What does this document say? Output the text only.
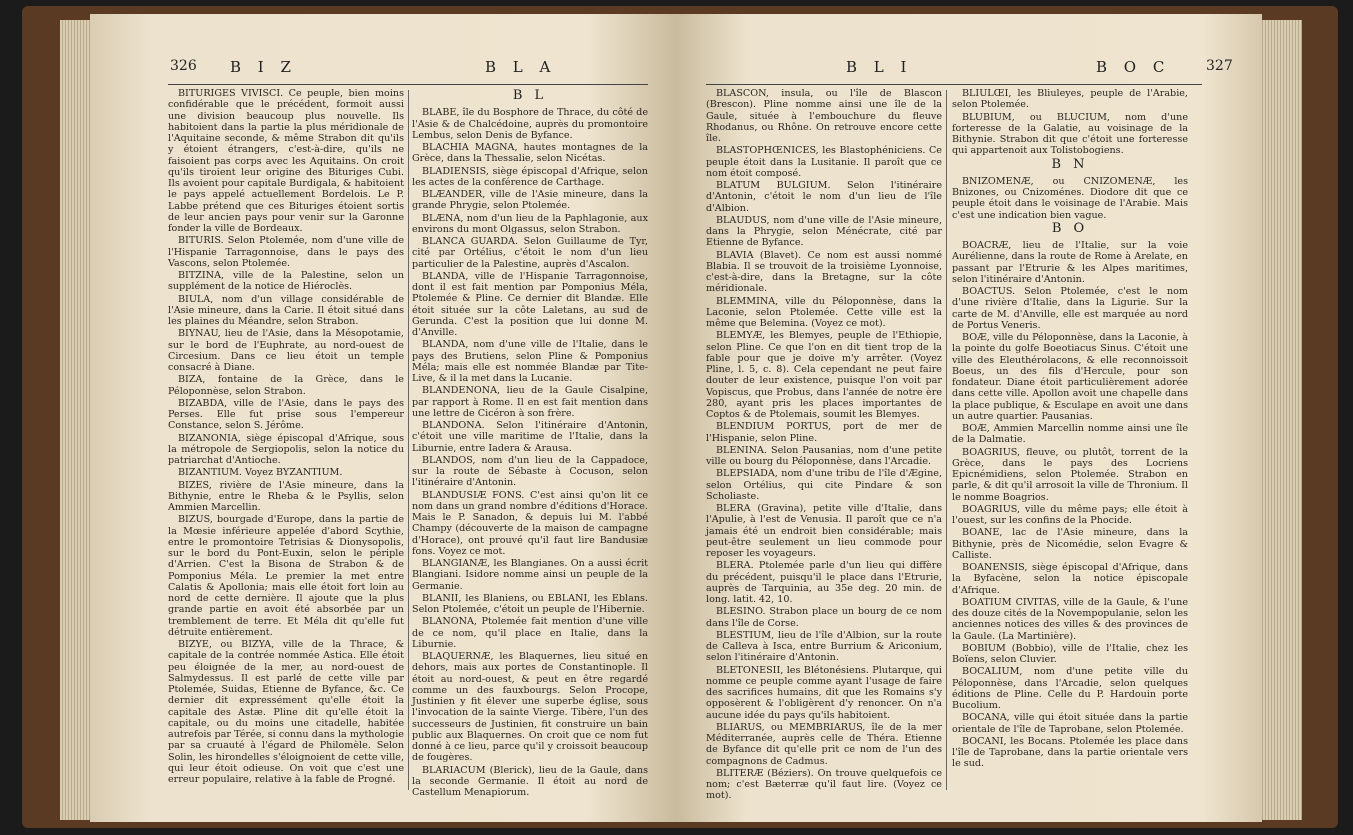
326 B I Z	B L A

BITURIGES VIVISCI. Ce peuple, bien moins confidérable que le précédent, formoit aussi une division beaucoup plus nouvelle. Ils habitoient dans la partie la plus méridionale de l'Aquitaine seconde, & même Strabon dit qu'ils y étoient étrangers, c'est-à-dire, qu'ils ne faisoient pas corps avec les Aquitains. On croit qu'ils tiroient leur origine des Bituriges Cubi. Ils avoient pour capitale Burdigala, & habitoient le pays appelé actuellement Bordelois. Le P. Labbe prétend que ces Bituriges étoient sortis de leur ancien pays pour venir sur la Garonne fonder la ville de Bordeaux.

BITURIS. Selon Ptolemée, nom d'une ville de l'Hispanie Tarragonnoise, dans le pays des Vascons, selon Ptolemée.

BITZINA, ville de la Palestine, selon un supplément de la notice de Hiéroclès.

BIULA, nom d'un village considérable de l'Asie mineure, dans la Carie. Il étoit situé dans les plaines du Méandre, selon Strabon.

BIYNAU, lieu de l'Asie, dans la Mésopotamie, sur le bord de l'Euphrate, au nord-ouest de Circesium. Dans ce lieu étoit un temple consacré à Diane.

BIZA, fontaine de la Grèce, dans le Péloponnèse, selon Strabon.

BIZABDA, ville de l'Asie, dans le pays des Perses. Elle fut prise sous l'empereur Constance, selon S. Jérôme.

BIZANONIA, siège épiscopal d'Afrique, sous la métropole de Sergiopolis, selon la notice du patriarchat d'Antioche.

BIZANTIUM. Voyez BYZANTIUM.

BIZES, rivière de l'Asie mineure, dans la Bithynie, entre le Rheba & le Psyllis, selon Ammien Marcellin.

BIZUS, bourgade d'Europe, dans la partie de la Mœsie inférieure appelée d'abord Scythie, entre le promontoire Tetrisias & Dionysopolis, sur le bord du Pont-Euxin, selon le périple d'Arrien. C'est la Bisona de Strabon & de Pomponius Méla. Le premier la met entre Calatis & Apollonia; mais elle étoit fort loin au nord de cette dernière. Il ajoute que la plus grande partie en avoit été absorbée par un tremblement de terre. Et Méla dit qu'elle fut détruite entièrement.

BIZYE, ou BIZYA, ville de la Thrace, & capitale de la contrée nommée Astica. Elle étoit peu éloignée de la mer, au nord-ouest de Salmydessus. Il est parlé de cette ville par Ptolemée, Suidas, Etienne de Byfance, &c. Ce dernier dit expressément qu'elle étoit la capitale des Astæ. Pline dit qu'elle étoit la capitale, ou du moins une citadelle, habitée autrefois par Térée, si connu dans la mythologie par sa cruauté à l'égard de Philomèle. Selon Solin, les hirondelles s'éloignoient de cette ville, qui leur étoit odieuse. On voit que c'est une erreur populaire, relative à la fable de Progné.

B L

BLABE, île du Bosphore de Thrace, du côté de l'Asie & de Chalcédoine, auprès du promontoire Lembus, selon Denis de Byfance.

BLACHIA MAGNA, hautes montagnes de la Grèce, dans la Thessalie, selon Nicétas.

BLADIENSIS, siège épiscopal d'Afrique, selon les actes de la conférence de Carthage.

BLÆANDER, ville de l'Asie mineure, dans la grande Phrygie, selon Ptolemée.

BLÆNA, nom d'un lieu de la Paphlagonie, aux environs du mont Olgassus, selon Strabon.

BLANCA GUARDA. Selon Guillaume de Tyr, cité par Ortélius, c'étoit le nom d'un lieu particulier de la Palestine, auprès d'Ascalon.

BLANDA, ville de l'Hispanie Tarragonnoise, dont il est fait mention par Pomponius Méla, Ptolemée & Pline. Ce dernier dit Blandæ. Elle étoit située sur la côte Laletans, au sud de Gerunda. C'est la position que lui donne M. d'Anville.

BLANDA, nom d'une ville de l'Italie, dans le pays des Brutiens, selon Pline & Pomponius Méla; mais elle est nommée Blandæ par Tite-Live, & il la met dans la Lucanie.

BLANDENONA, lieu de la Gaule Cisalpine, par rapport à Rome. Il en est fait mention dans une lettre de Cicéron à son frère.

BLANDONA. Selon l'itinéraire d'Antonin, c'étoit une ville maritime de l'Italie, dans la Liburnie, entre Iadera & Arausa.

BLANDOS, nom d'un lieu de la Cappadoce, sur la route de Sébaste à Cocuson, selon l'itinéraire d'Antonin.

BLANDUSIÆ FONS. C'est ainsi qu'on lit ce nom dans un grand nombre d'éditions d'Horace. Mais le P. Sanadon, & depuis lui M. l'abbé Champy (découverte de la maison de campagne d'Horace), ont prouvé qu'il faut lire Bandusiæ fons. Voyez ce mot.

BLANGIANÆ, les Blangianes. On a aussi écrit Blangiani. Isidore nomme ainsi un peuple de la Germanie.

BLANII, les Blaniens, ou EBLANI, les Eblans. Selon Ptolemée, c'étoit un peuple de l'Hibernie.

BLANONA, Ptolemée fait mention d'une ville de ce nom, qu'il place en Italie, dans la Liburnie.

BLAQUERNÆ, les Blaquernes, lieu situé en dehors, mais aux portes de Constantinople. Il étoit au nord-ouest, & peut en être regardé comme un des fauxbourgs. Selon Procope, Justinien y fit élever une superbe église, sous l'invocation de la sainte Vierge. Tibère, l'un des successeurs de Justinien, fit construire un bain public aux Blaquernes. On croit que ce nom fut donné à ce lieu, parce qu'il y croissoit beaucoup de fougères.

BLARIACUM (Blerick), lieu de la Gaule, dans la seconde Germanie. Il étoit au nord de Castellum Menapiorum.

B L I	B O C	327

BLASCON, insula, ou l'île de Blascon (Brescon). Pline nomme ainsi une île de la Gaule, située à l'embouchure du fleuve Rhodanus, ou Rhône. On retrouve encore cette île.

BLASTOPHŒNICES, les Blastophéniciens. Ce peuple étoit dans la Lusitanie. Il paroît que ce nom étoit composé.

BLATUM BULGIUM. Selon l'itinéraire d'Antonin, c'étoit le nom d'un lieu de l'île d'Albion.

BLAUDUS, nom d'une ville de l'Asie mineure, dans la Phrygie, selon Ménécrate, cité par Etienne de Byfance.

BLAVIA (Blavet). Ce nom est aussi nommé Blabia. Il se trouvoit de la troisième Lyonnoise, c'est-à-dire, dans la Bretagne, sur la côte méridionale.

BLEMMINA, ville du Péloponnèse, dans la Laconie, selon Ptolemée. Cette ville est la même que Belemina. (Voyez ce mot).

BLEMYÆ, les Blemyes, peuple de l'Ethiopie, selon Pline. Ce que l'on en dit tient trop de la fable pour que je doive m'y arrêter. (Voyez Pline, l. 5, c. 8). Cela cependant ne peut faire douter de leur existence, puisque l'on voit par Vopiscus, que Probus, dans l'année de notre ère 280, ayant pris les places importantes de Coptos & de Ptolemais, soumit les Blemyes.

BLENDIUM PORTUS, port de mer de l'Hispanie, selon Pline.

BLENINA. Selon Pausanias, nom d'une petite ville ou bourg du Péloponnèse, dans l'Arcadie.

BLEPSIADA, nom d'une tribu de l'île d'Ægine, selon Ortélius, qui cite Pindare & son Scholiaste.

BLERA (Gravina), petite ville d'Italie, dans l'Apulie, à l'est de Venusia. Il paroît que ce n'a jamais été un endroit bien considérable; mais peut-être seulement un lieu commode pour reposer les voyageurs.

BLERA. Ptolemée parle d'un lieu qui diffère du précédent, puisqu'il le place dans l'Etrurie, auprès de Tarquinia, au 35e deg. 20 min. de long. latit. 42, 10.

BLESINO. Strabon place un bourg de ce nom dans l'île de Corse.

BLESTIUM, lieu de l'île d'Albion, sur la route de Calleva à Isca, entre Burrium & Ariconium, selon l'itinéraire d'Antonin.

BLETONESII, les Blétonésiens. Plutarque, qui nomme ce peuple comme ayant l'usage de faire des sacrifices humains, dit que les Romains s'y opposèrent & l'obligèrent d'y renoncer. On n'a aucune idée du pays qu'ils habitoient.

BLIARUS, ou MEMBRIARUS, île de la mer Méditerranée, auprès celle de Théra. Etienne de Byfance dit qu'elle prit ce nom de l'un des compagnons de Cadmus.

BLITERÆ (Béziers). On trouve quelquefois ce nom; c'est Bæterræ qu'il faut lire. (Voyez ce mot).

BLIULŒI, les Bliuleyes, peuple de l'Arabie, selon Ptolemée.

BLUBIUM, ou BLUCIUM, nom d'une forteresse de la Galatie, au voisinage de la Bithynie. Strabon dit que c'étoit une forteresse qui appartenoit aux Tolistobogiens.

B N

BNIZOMENÆ, ou CNIZOMENÆ, les Bnizones, ou Cnizoménes. Diodore dit que ce peuple étoit dans le voisinage de l'Arabie. Mais c'est une indication bien vague.

B O

BOACRÆ, lieu de l'Italie, sur la voie Aurélienne, dans la route de Rome à Arelate, en passant par l'Etrurie & les Alpes maritimes, selon l'itinéraire d'Antonin.

BOACTUS. Selon Ptolemée, c'est le nom d'une rivière d'Italie, dans la Ligurie. Sur la carte de M. d'Anville, elle est marquée au nord de Portus Veneris.

BOÆ, ville du Péloponnèse, dans la Laconie, à la pointe du golfe Boeotiacus Sinus. C'étoit une ville des Eleuthérolacons, & elle reconnoissoit Boeus, un des fils d'Hercule, pour son fondateur. Diane étoit particulièrement adorée dans cette ville. Apollon avoit une chapelle dans la place publique, & Esculape en avoit une dans un autre quartier. Pausanias.

BOÆ, Ammien Marcellin nomme ainsi une île de la Dalmatie.

BOAGRIUS, fleuve, ou plutôt, torrent de la Grèce, dans le pays des Locriens Epicnémidiens, selon Ptolemée. Strabon en parle, & dit qu'il arrosoit la ville de Thronium. Il le nomme Boagrios.

BOAGRIUS, ville du même pays; elle étoit à l'ouest, sur les confins de la Phocide.

BOANE, lac de l'Asie mineure, dans la Bithynie, près de Nicomédie, selon Evagre & Calliste.

BOANENSIS, siège épiscopal d'Afrique, dans la Byfacène, selon la notice épiscopale d'Afrique.

BOATIUM CIVITAS, ville de la Gaule, & l'une des douze cités de la Novempopulanie, selon les anciennes notices des villes & des provinces de la Gaule. (La Martinière).

BOBIUM (Bobbio), ville de l'Italie, chez les Boïens, selon Cluvier.

BOCALIUM, nom d'une petite ville du Péloponnèse, dans l'Arcadie, selon quelques éditions de Pline. Celle du P. Hardouin porte Bucolium.

BOCANA, ville qui étoit située dans la partie orientale de l'île de Taprobane, selon Ptolemée.

BOCANI, les Bocans. Ptolemée les place dans l'île de Taprobane, dans la partie orientale vers le sud.
